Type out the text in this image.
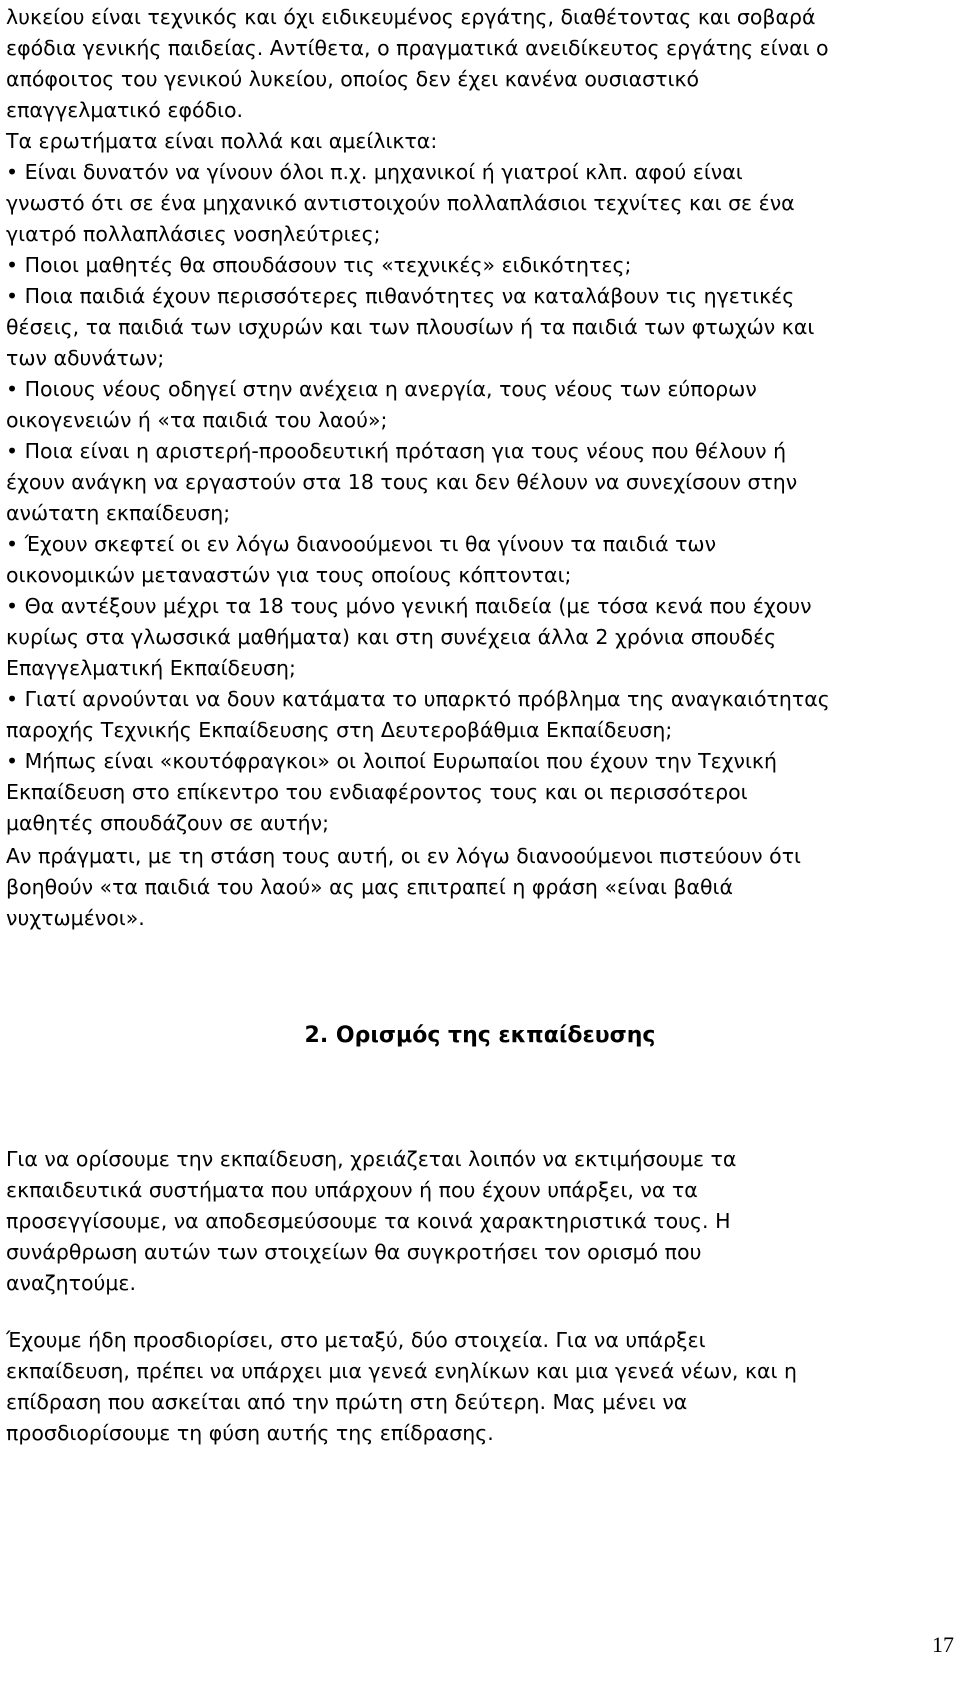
λυκείου είναι τεχνικός και όχι ειδικευμένος εργάτης, διαθέτοντας και σοβαρά
εφόδια γενικής παιδείας. Αντίθετα, ο πραγματικά ανειδίκευτος εργάτης είναι ο
απόφοιτος του γενικού λυκείου, οποίος δεν έχει κανένα ουσιαστικό
επαγγελματικό εφόδιο.
Τα ερωτήματα είναι πολλά και αμείλικτα:
• Είναι δυνατόν να γίνουν όλοι π.χ. μηχανικοί ή γιατροί κλπ. αφού είναι
γνωστό ότι σε ένα μηχανικό αντιστοιχούν πολλαπλάσιοι τεχνίτες και σε ένα
γιατρό πολλαπλάσιες νοσηλεύτριες;
• Ποιοι μαθητές θα σπουδάσουν τις «τεχνικές» ειδικότητες;
• Ποια παιδιά έχουν περισσότερες πιθανότητες να καταλάβουν τις ηγετικές
θέσεις, τα παιδιά των ισχυρών και των πλουσίων ή τα παιδιά των φτωχών και
των αδυνάτων;
• Ποιους νέους οδηγεί στην ανέχεια η ανεργία, τους νέους των εύπορων
οικογενειών ή «τα παιδιά του λαού»;
• Ποια είναι η αριστερή-προοδευτική πρόταση για τους νέους που θέλουν ή
έχουν ανάγκη να εργαστούν στα 18 τους και δεν θέλουν να συνεχίσουν στην
ανώτατη εκπαίδευση;
• Έχουν σκεφτεί οι εν λόγω διανοούμενοι τι θα γίνουν τα παιδιά των
οικονομικών μεταναστών για τους οποίους κόπτονται;
• Θα αντέξουν μέχρι τα 18 τους μόνο γενική παιδεία (με τόσα κενά που έχουν
κυρίως στα γλωσσικά μαθήματα) και στη συνέχεια άλλα 2 χρόνια σπουδές
Επαγγελματική Εκπαίδευση;
• Γιατί αρνούνται να δουν κατάματα το υπαρκτό πρόβλημα της αναγκαιότητας
παροχής Τεχνικής Εκπαίδευσης στη Δευτεροβάθμια Εκπαίδευση;
• Μήπως είναι «κουτόφραγκοι» οι λοιποί Ευρωπαίοι που έχουν την Τεχνική
Εκπαίδευση στο επίκεντρο του ενδιαφέροντος τους και οι περισσότεροι
μαθητές σπουδάζουν σε αυτήν;
Αν πράγματι, με τη στάση τους αυτή, οι εν λόγω διανοούμενοι πιστεύουν ότι
βοηθούν «τα παιδιά του λαού» ας μας επιτραπεί η φράση «είναι βαθιά
νυχτωμένοι».
2. Ορισμός της εκπαίδευσης
Για να ορίσουμε την εκπαίδευση, χρειάζεται λοιπόν να εκτιμήσουμε τα
εκπαιδευτικά συστήματα που υπάρχουν ή που έχουν υπάρξει, να τα
προσεγγίσουμε, να αποδεσμεύσουμε τα κοινά χαρακτηριστικά τους. Η
συνάρθρωση αυτών των στοιχείων θα συγκροτήσει τον ορισμό που
αναζητούμε.
Έχουμε ήδη προσδιορίσει, στο μεταξύ, δύο στοιχεία. Για να υπάρξει
εκπαίδευση, πρέπει να υπάρχει μια γενεά ενηλίκων και μια γενεά νέων, και η
επίδραση που ασκείται από την πρώτη στη δεύτερη. Μας μένει να
προσδιορίσουμε τη φύση αυτής της επίδρασης.
17
